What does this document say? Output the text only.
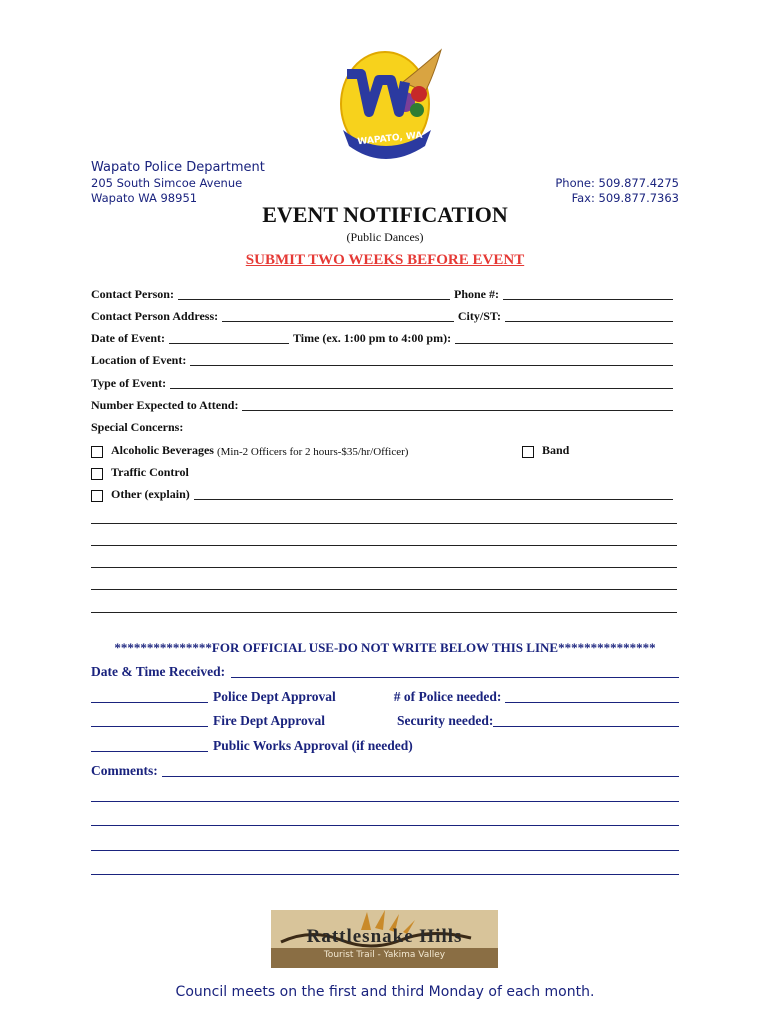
WAPATO, WA
Wapato Police Department
205 South Simcoe Avenue
Wapato WA 98951
Phone: 509.877.4275
Fax: 509.877.7363
EVENT NOTIFICATION
(Public Dances)
SUBMIT TWO WEEKS BEFORE EVENT
Contact Person:	Phone #:
Contact Person Address:	City/ST:
Date of Event:	Time (ex. 1:00 pm to 4:00 pm):
Location of Event:
Type of Event:
Number Expected to Attend:
Special Concerns:
Alcoholic Beverages (Min-2 Officers for 2 hours-$35/hr/Officer)	Band
Traffic Control
Other (explain)
***************FOR OFFICIAL USE-DO NOT WRITE BELOW THIS LINE***************
Date & Time Received:
Police Dept Approval	# of Police needed:
Fire Dept Approval	Security needed:
Public Works Approval (if needed)
Comments:
Rattlesnake Hills
Tourist Trail - Yakima Valley
Council meets on the first and third Monday of each month.
